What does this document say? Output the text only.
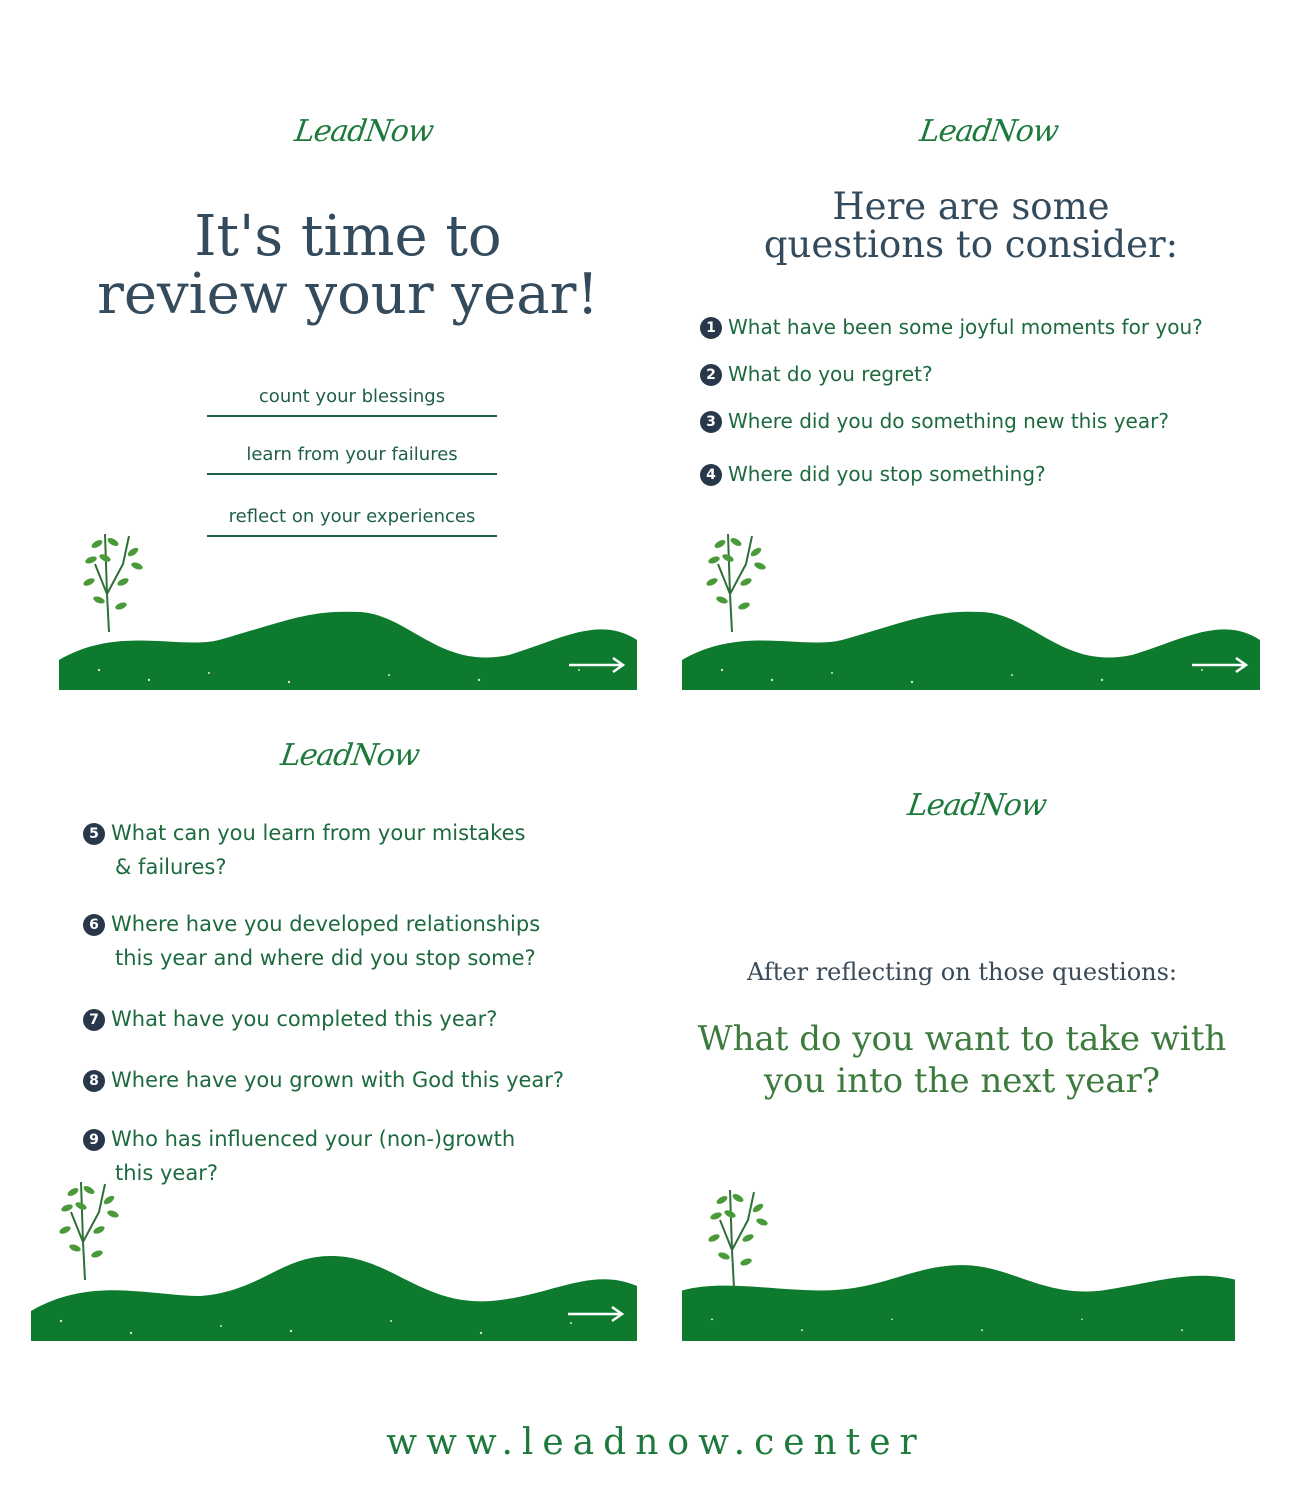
LeadNow
It's time to
review your year!
count your blessings
learn from your failures
reflect on your experiences
LeadNow
Here are some
questions to consider:
1 What have been some joyful moments for you?
2 What do you regret?
3 Where did you do something new this year?
4 Where did you stop something?
LeadNow
5 What can you learn from your mistakes
& failures?
6 Where have you developed relationships
this year and where did you stop some?
7 What have you completed this year?
8 Where have you grown with God this year?
9 Who has influenced your (non-)growth
this year?
LeadNow
After reflecting on those questions:
What do you want to take with
you into the next year?
www.leadnow.center
